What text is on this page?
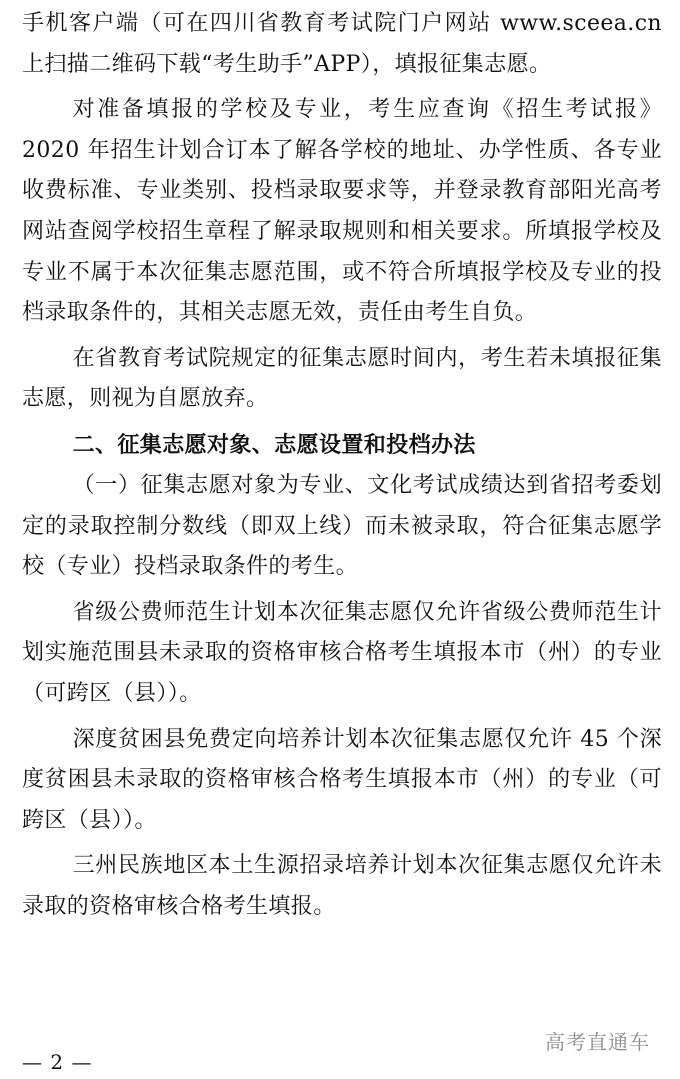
手机客户端（可在四川省教育考试院门户网站 www.sceea.cn 上扫描二维码下载“考生助手”APP），填报征集志愿。

对准备填报的学校及专业，考生应查询《招生考试报》2020 年招生计划合订本了解各学校的地址、办学性质、各专业收费标准、专业类别、投档录取要求等，并登录教育部阳光高考网站查阅学校招生章程了解录取规则和相关要求。所填报学校及专业不属于本次征集志愿范围，或不符合所填报学校及专业的投档录取条件的，其相关志愿无效，责任由考生自负。

在省教育考试院规定的征集志愿时间内，考生若未填报征集志愿，则视为自愿放弃。

二、征集志愿对象、志愿设置和投档办法

（一）征集志愿对象为专业、文化考试成绩达到省招考委划定的录取控制分数线（即双上线）而未被录取，符合征集志愿学校（专业）投档录取条件的考生。

省级公费师范生计划本次征集志愿仅允许省级公费师范生计划实施范围县未录取的资格审核合格考生填报本市（州）的专业（可跨区（县））。

深度贫困县免费定向培养计划本次征集志愿仅允许 45 个深度贫困县未录取的资格审核合格考生填报本市（州）的专业（可跨区（县））。

三州民族地区本土生源招录培养计划本次征集志愿仅允许未录取的资格审核合格考生填报。

高考直通车
— 2 —
